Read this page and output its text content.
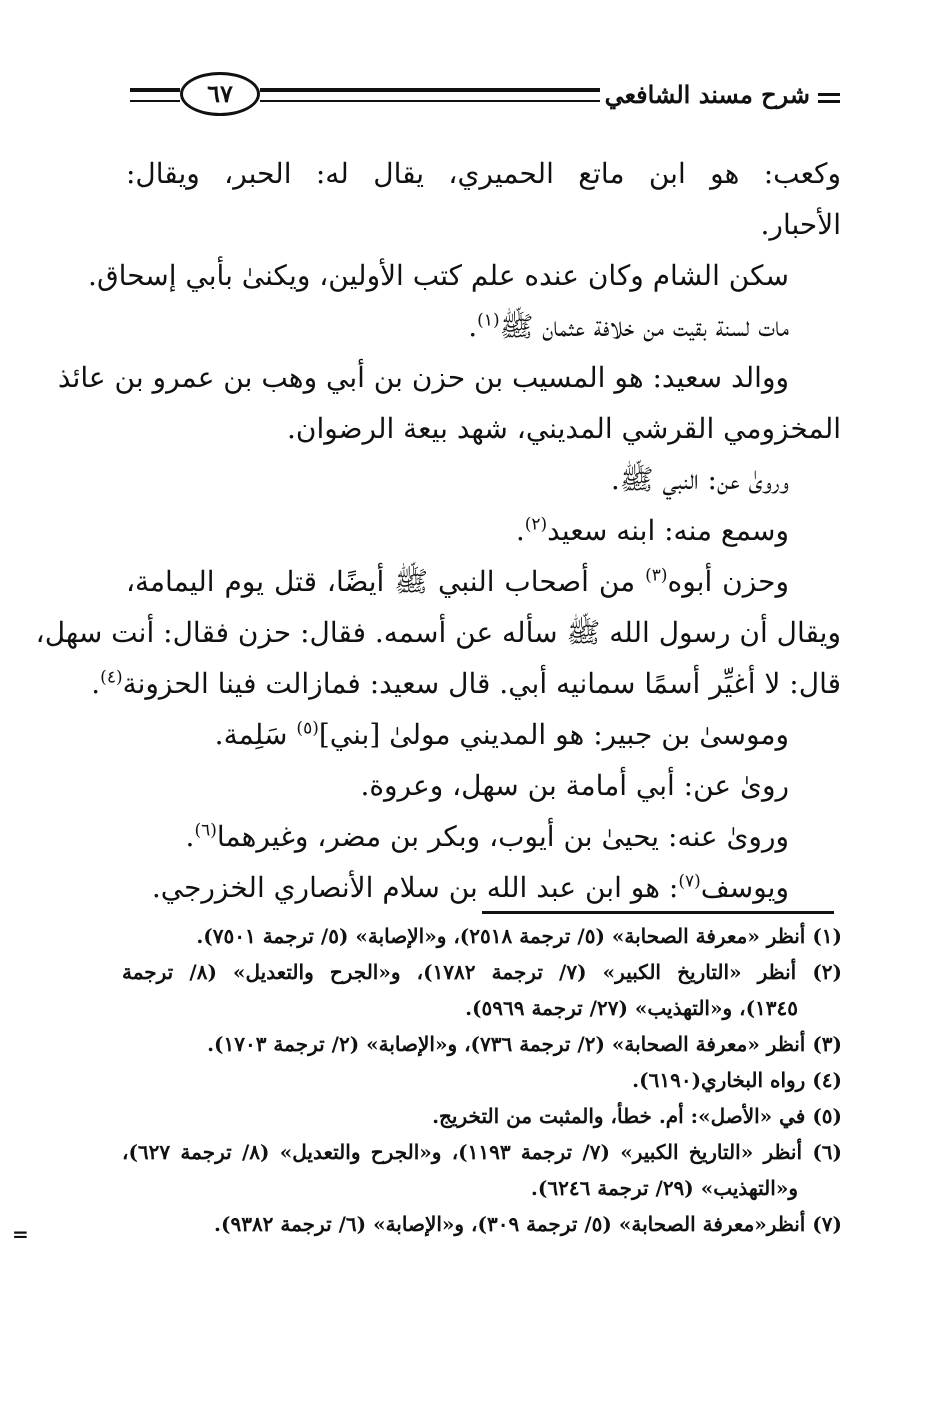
شرح مسند الشافعي
٦٧
وكعب: هو ابن ماتع الحميري، يقال له: الحبر، ويقال:
الأحبار.
سكن الشام وكان عنده علم كتب الأولين، ويكنىٰ بأبي إسحاق.
مات لسنة بقيت من خلافة عثمان ﷺ$^{(١)}$.
ووالد سعيد: هو المسيب بن حزن بن أبي وهب بن عمرو بن عائذ
المخزومي القرشي المديني، شهد بيعة الرضوان.
وروىٰ عن: النبي ﷺ.
وسمع منه: ابنه سعيد$^{(٢)}$.
وحزن أبوه$^{(٣)}$ من أصحاب النبي ﷺ أيضًا، قتل يوم اليمامة،
ويقال أن رسول الله ﷺ سأله عن أسمه. فقال: حزن فقال: أنت سهل،
قال: لا أغيِّر أسمًا سمانيه أبي. قال سعيد: فمازالت فينا الحزونة$^{(٤)}$.
وموسىٰ بن جبير: هو المديني مولىٰ [بني]$^{(٥)}$ سَلِمة.
روىٰ عن: أبي أمامة بن سهل، وعروة.
وروىٰ عنه: يحيىٰ بن أيوب، وبكر بن مضر، وغيرهما$^{(٦)}$.
ويوسف$^{(٧)}$: هو ابن عبد الله بن سلام الأنصاري الخزرجي.
(١) أنظر «معرفة الصحابة» (٥/ ترجمة ٢٥١٨)، و«الإصابة» (٥/ ترجمة ٧٥٠١).
(٢) أنظر «التاريخ الكبير» (٧/ ترجمة ١٧٨٢)، و«الجرح والتعديل» (٨/ ترجمة
١٣٤٥)، و«التهذيب» (٢٧/ ترجمة ٥٩٦٩).
(٣) أنظر «معرفة الصحابة» (٢/ ترجمة ٧٣٦)، و«الإصابة» (٢/ ترجمة ١٧٠٣).
(٤) رواه البخاري(٦١٩٠).
(٥) في «الأصل»: أم. خطأ، والمثبت من التخريج.
(٦) أنظر «التاريخ الكبير» (٧/ ترجمة ١١٩٣)، و«الجرح والتعديل» (٨/ ترجمة ٦٢٧)،
و«التهذيب» (٢٩/ ترجمة ٦٢٤٦).
(٧) أنظر«معرفة الصحابة» (٥/ ترجمة ٣٠٩)، و«الإصابة» (٦/ ترجمة ٩٣٨٢).
=
